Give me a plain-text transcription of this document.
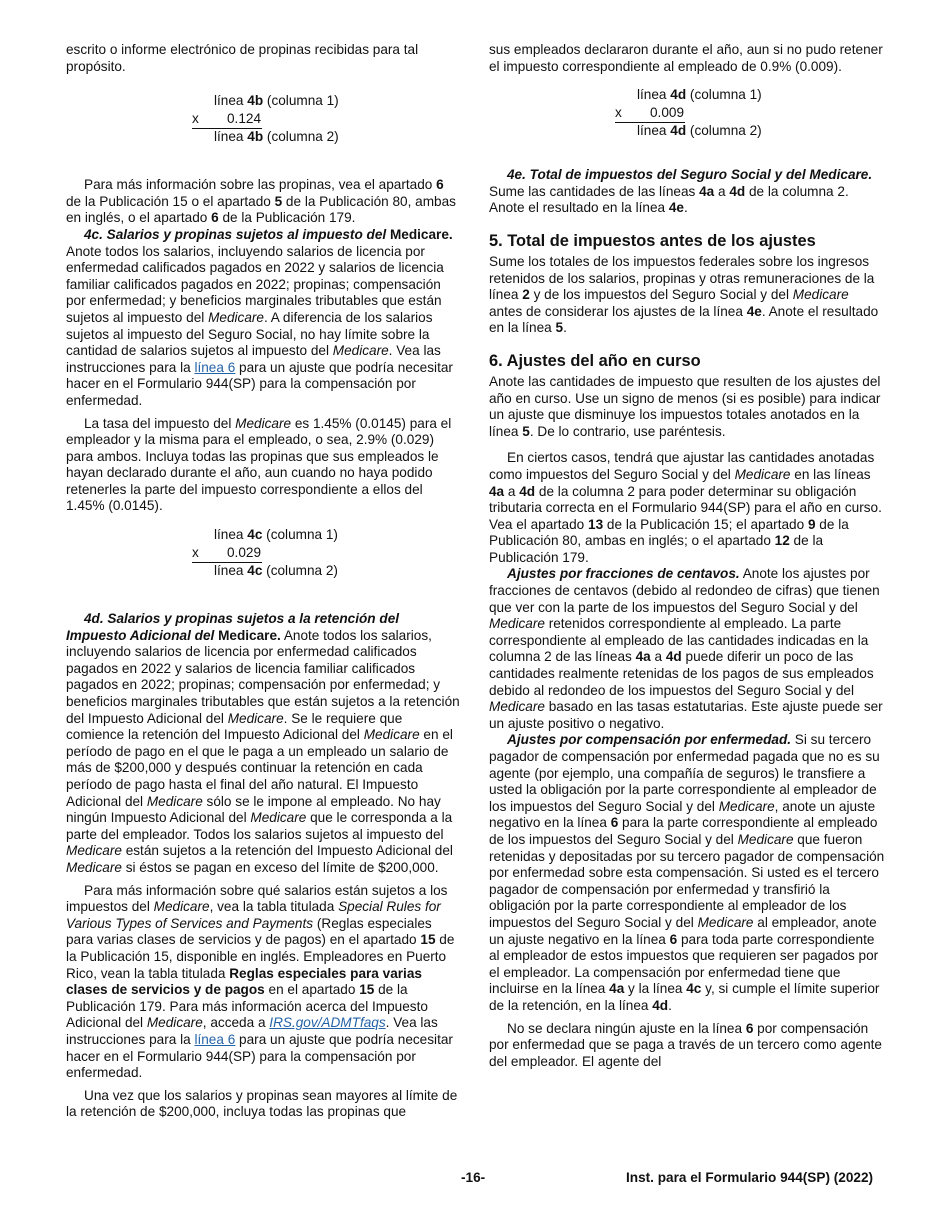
escrito o informe electrónico de propinas recibidas para tal propósito.

línea 4b (columna 1)
x 0.124
línea 4b (columna 2)

Para más información sobre las propinas, vea el apartado 6 de la Publicación 15 o el apartado 5 de la Publicación 80, ambas en inglés, o el apartado 6 de la Publicación 179.

4c. Salarios y propinas sujetos al impuesto del Medicare. Anote todos los salarios, incluyendo salarios de licencia por enfermedad calificados pagados en 2022 y salarios de licencia familiar calificados pagados en 2022; propinas; compensación por enfermedad; y beneficios marginales tributables que están sujetos al impuesto del Medicare. A diferencia de los salarios sujetos al impuesto del Seguro Social, no hay límite sobre la cantidad de salarios sujetos al impuesto del Medicare. Vea las instrucciones para la línea 6 para un ajuste que podría necesitar hacer en el Formulario 944(SP) para la compensación por enfermedad.

La tasa del impuesto del Medicare es 1.45% (0.0145) para el empleador y la misma para el empleado, o sea, 2.9% (0.029) para ambos. Incluya todas las propinas que sus empleados le hayan declarado durante el año, aun cuando no haya podido retenerles la parte del impuesto correspondiente a ellos del 1.45% (0.0145).

línea 4c (columna 1)
x 0.029
línea 4c (columna 2)

4d. Salarios y propinas sujetos a la retención del Impuesto Adicional del Medicare. Anote todos los salarios, incluyendo salarios de licencia por enfermedad calificados pagados en 2022 y salarios de licencia familiar calificados pagados en 2022; propinas; compensación por enfermedad; y beneficios marginales tributables que están sujetos a la retención del Impuesto Adicional del Medicare. Se le requiere que comience la retención del Impuesto Adicional del Medicare en el período de pago en el que le paga a un empleado un salario de más de $200,000 y después continuar la retención en cada período de pago hasta el final del año natural. El Impuesto Adicional del Medicare sólo se le impone al empleado. No hay ningún Impuesto Adicional del Medicare que le corresponda a la parte del empleador. Todos los salarios sujetos al impuesto del Medicare están sujetos a la retención del Impuesto Adicional del Medicare si éstos se pagan en exceso del límite de $200,000.

Para más información sobre qué salarios están sujetos a los impuestos del Medicare, vea la tabla titulada Special Rules for Various Types of Services and Payments (Reglas especiales para varias clases de servicios y de pagos) en el apartado 15 de la Publicación 15, disponible en inglés. Empleadores en Puerto Rico, vean la tabla titulada Reglas especiales para varias clases de servicios y de pagos en el apartado 15 de la Publicación 179. Para más información acerca del Impuesto Adicional del Medicare, acceda a IRS.gov/ADMTfaqs. Vea las instrucciones para la línea 6 para un ajuste que podría necesitar hacer en el Formulario 944(SP) para la compensación por enfermedad.

Una vez que los salarios y propinas sean mayores al límite de la retención de $200,000, incluya todas las propinas que

sus empleados declararon durante el año, aun si no pudo retener el impuesto correspondiente al empleado de 0.9% (0.009).

línea 4d (columna 1)
x 0.009
línea 4d (columna 2)

4e. Total de impuestos del Seguro Social y del Medicare. Sume las cantidades de las líneas 4a a 4d de la columna 2. Anote el resultado en la línea 4e.

5. Total de impuestos antes de los ajustes

Sume los totales de los impuestos federales sobre los ingresos retenidos de los salarios, propinas y otras remuneraciones de la línea 2 y de los impuestos del Seguro Social y del Medicare antes de considerar los ajustes de la línea 4e. Anote el resultado en la línea 5.

6. Ajustes del año en curso

Anote las cantidades de impuesto que resulten de los ajustes del año en curso. Use un signo de menos (si es posible) para indicar un ajuste que disminuye los impuestos totales anotados en la línea 5. De lo contrario, use paréntesis.

En ciertos casos, tendrá que ajustar las cantidades anotadas como impuestos del Seguro Social y del Medicare en las líneas 4a a 4d de la columna 2 para poder determinar su obligación tributaria correcta en el Formulario 944(SP) para el año en curso. Vea el apartado 13 de la Publicación 15; el apartado 9 de la Publicación 80, ambas en inglés; o el apartado 12 de la Publicación 179.

Ajustes por fracciones de centavos. Anote los ajustes por fracciones de centavos (debido al redondeo de cifras) que tienen que ver con la parte de los impuestos del Seguro Social y del Medicare retenidos correspondiente al empleado. La parte correspondiente al empleado de las cantidades indicadas en la columna 2 de las líneas 4a a 4d puede diferir un poco de las cantidades realmente retenidas de los pagos de sus empleados debido al redondeo de los impuestos del Seguro Social y del Medicare basado en las tasas estatutarias. Este ajuste puede ser un ajuste positivo o negativo.

Ajustes por compensación por enfermedad. Si su tercero pagador de compensación por enfermedad pagada que no es su agente (por ejemplo, una compañía de seguros) le transfiere a usted la obligación por la parte correspondiente al empleador de los impuestos del Seguro Social y del Medicare, anote un ajuste negativo en la línea 6 para la parte correspondiente al empleado de los impuestos del Seguro Social y del Medicare que fueron retenidas y depositadas por su tercero pagador de compensación por enfermedad sobre esta compensación. Si usted es el tercero pagador de compensación por enfermedad y transfirió la obligación por la parte correspondiente al empleador de los impuestos del Seguro Social y del Medicare al empleador, anote un ajuste negativo en la línea 6 para toda parte correspondiente al empleador de estos impuestos que requieren ser pagados por el empleador. La compensación por enfermedad tiene que incluirse en la línea 4a y la línea 4c y, si cumple el límite superior de la retención, en la línea 4d.

No se declara ningún ajuste en la línea 6 por compensación por enfermedad que se paga a través de un tercero como agente del empleador. El agente del

-16-	Inst. para el Formulario 944(SP) (2022)
